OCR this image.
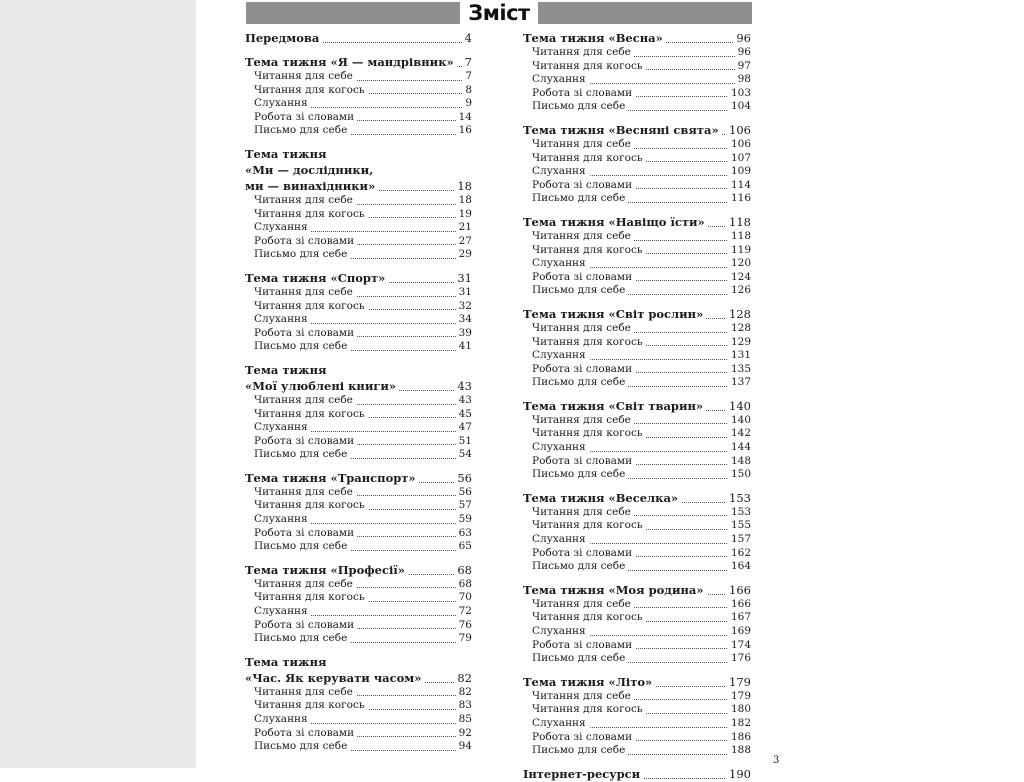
Зміст
Передмова	4
Тема тижня «Я — мандрівник» 7
Читання для себе	7
Читання для когось	8
Слухання	9
Робота зі словами	14
Письмо для себе	16
Тема тижня
«Ми — дослідники,
ми — винахідники»	18
Читання для себе	18
Читання для когось	19
Слухання	21
Робота зі словами	27
Письмо для себе	29
Тема тижня «Спорт»	31
Читання для себе	31
Читання для когось	32
Слухання	34
Робота зі словами	39
Письмо для себе	41
Тема тижня
«Мої улюблені книги»	43
Читання для себе	43
Читання для когось	45
Слухання	47
Робота зі словами	51
Письмо для себе	54
Тема тижня «Транспорт»	56
Читання для себе	56
Читання для когось	57
Слухання	59
Робота зі словами	63
Письмо для себе	65
Тема тижня «Професії»	68
Читання для себе	68
Читання для когось	70
Слухання	72
Робота зі словами	76
Письмо для себе	79
Тема тижня
«Час. Як керувати часом»	82
Читання для себе	82
Читання для когось	83
Слухання	85
Робота зі словами	92
Письмо для себе	94
Тема тижня «Весна»	96
Читання для себе	96
Читання для когось	97
Слухання	98
Робота зі словами	103
Письмо для себе	104
Тема тижня «Весняні свята» 106
Читання для себе	106
Читання для когось	107
Слухання	109
Робота зі словами	114
Письмо для себе	116
Тема тижня «Навіщо їсти» 118
Читання для себе	118
Читання для когось	119
Слухання	120
Робота зі словами	124
Письмо для себе	126
Тема тижня «Світ рослин» 128
Читання для себе	128
Читання для когось	129
Слухання	131
Робота зі словами	135
Письмо для себе	137
Тема тижня «Світ тварин» 140
Читання для себе	140
Читання для когось	142
Слухання	144
Робота зі словами	148
Письмо для себе	150
Тема тижня «Веселка»	153
Читання для себе	153
Читання для когось	155
Слухання	157
Робота зі словами	162
Письмо для себе	164
Тема тижня «Моя родина» 166
Читання для себе	166
Читання для когось	167
Слухання	169
Робота зі словами	174
Письмо для себе	176
Тема тижня «Літо»	179
Читання для себе	179
Читання для когось	180
Слухання	182
Робота зі словами	186
Письмо для себе	188
Інтернет-ресурси	190
3
